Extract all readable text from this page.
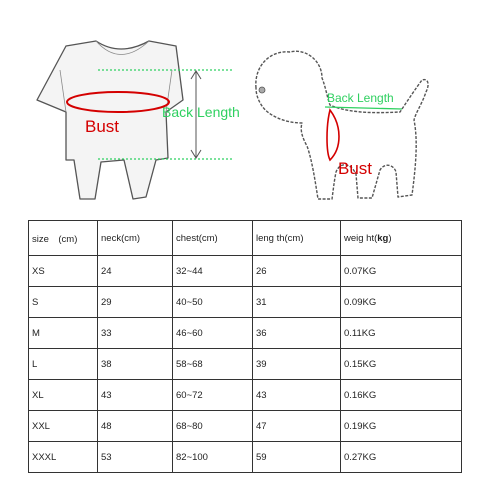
Bust
Back Length
Back Length
Bust
size　(cm)	neck(cm)	chest(cm)	leng th(cm)	weig ht(kg)
XS	24	32~44	26	0.07KG
S	29	40~50	31	0.09KG
M	33	46~60	36	0.11KG
L	38	58~68	39	0.15KG
XL	43	60~72	43	0.16KG
XXL	48	68~80	47	0.19KG
XXXL	53	82~100	59	0.27KG
